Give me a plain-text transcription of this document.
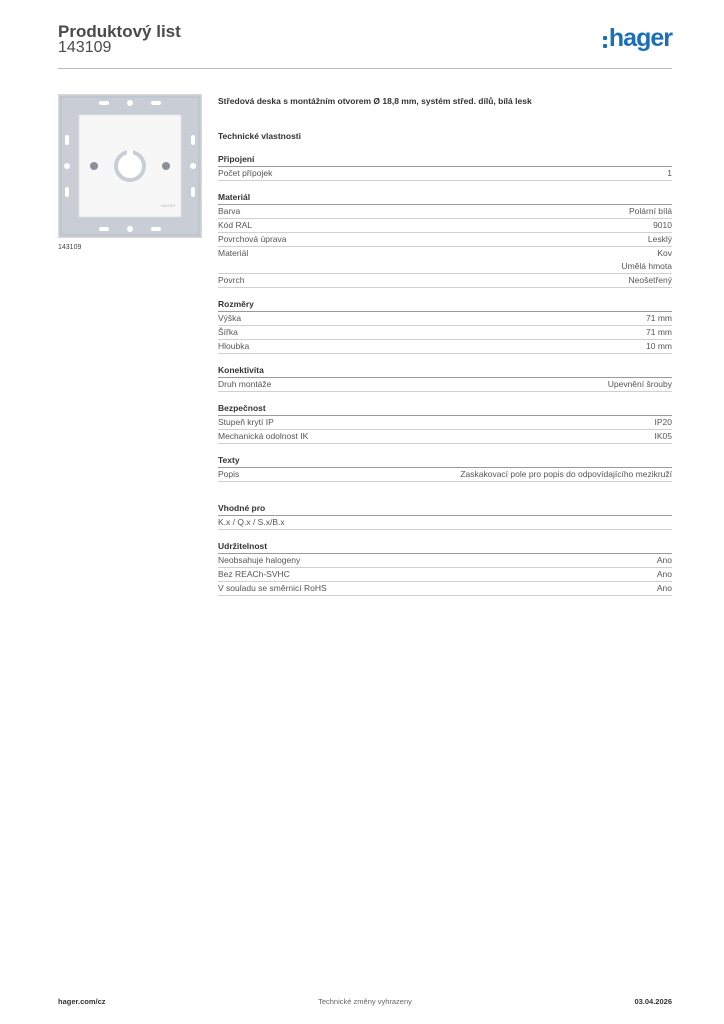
Produktový list
143109	hager
HAGER
143109
Středová deska s montážním otvorem Ø 18,8 mm, systém střed. dílů, bílá lesk
Technické vlastnosti
Připojení
Počet přípojek	1
Materiál
Barva	Polární bílá
Kód RAL	9010
Povrchová úprava	Lesklý
Materiál	Kov
Umělá hmota
Povrch	Neošetřený
Rozměry
Výška	71 mm
Šířka	71 mm
Hloubka	10 mm
Konektivita
Druh montáže	Upevnění šrouby
Bezpečnost
Stupeň krytí IP	IP20
Mechanická odolnost IK	IK05
Texty
Popis	Zaskakovací pole pro popis do odpovídajícího mezikruží
Vhodné pro
K.x / Q.x / S.x/B.x
Udržitelnost
Neobsahuje halogeny	Ano
Bez REACh-SVHC	Ano
V souladu se směrnicí RoHS	Ano
hager.com/cz	Technické změny vyhrazeny	03.04.2026
